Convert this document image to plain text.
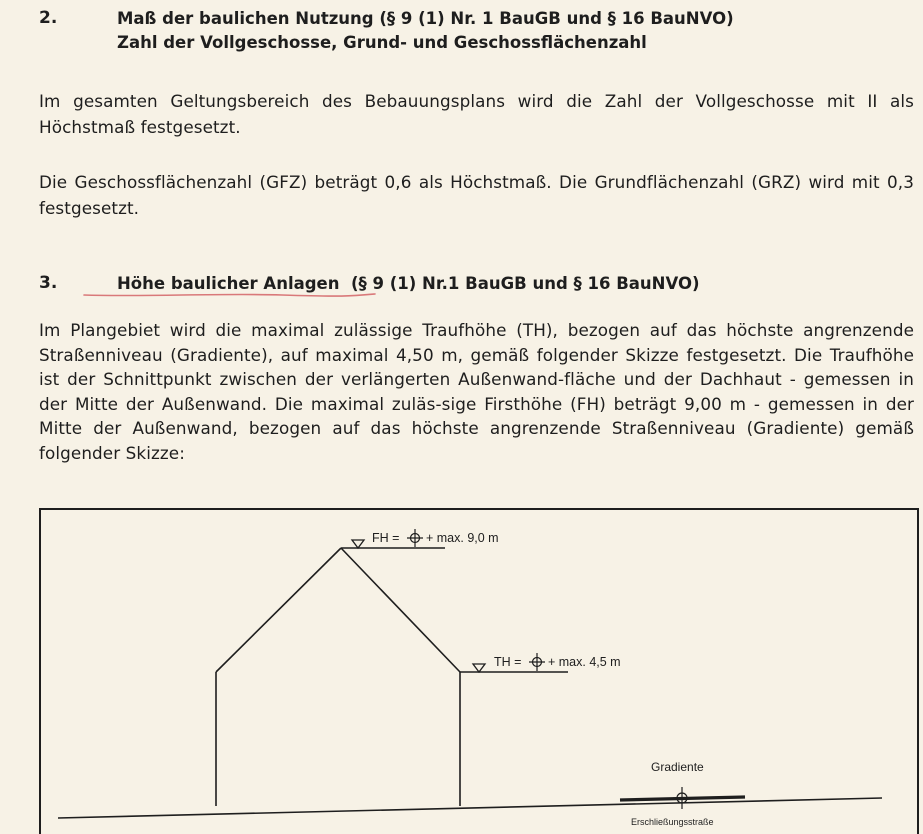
2.	Maß der baulichen Nutzung (§ 9 (1) Nr. 1 BauGB und § 16 BauNVO)
Zahl der Vollgeschosse, Grund- und Geschossflächenzahl
Im gesamten Geltungsbereich des Bebauungsplans wird die Zahl der Vollgeschosse mit II als Höchstmaß festgesetzt.
Die Geschossflächenzahl (GFZ) beträgt 0,6 als Höchstmaß. Die Grundflächenzahl (GRZ) wird mit 0,3 festgesetzt.
3.	Höhe baulicher Anlagen  (§ 9 (1) Nr.1 BauGB und § 16 BauNVO)
Im Plangebiet wird die maximal zulässige Traufhöhe (TH), bezogen auf das höchste angrenzende Straßenniveau (Gradiente), auf maximal 4,50 m, gemäß folgender Skizze festgesetzt. Die Traufhöhe ist der Schnittpunkt zwischen der verlängerten Außenwand-fläche und der Dachhaut - gemessen in der Mitte der Außenwand. Die maximal zuläs-sige Firsthöhe (FH) beträgt 9,00 m - gemessen in der Mitte der Außenwand, bezogen auf das höchste angrenzende Straßenniveau (Gradiente) gemäß folgender Skizze:
FH = + max. 9,0 m
TH = + max. 4,5 m
Gradiente
Erschließungsstraße
